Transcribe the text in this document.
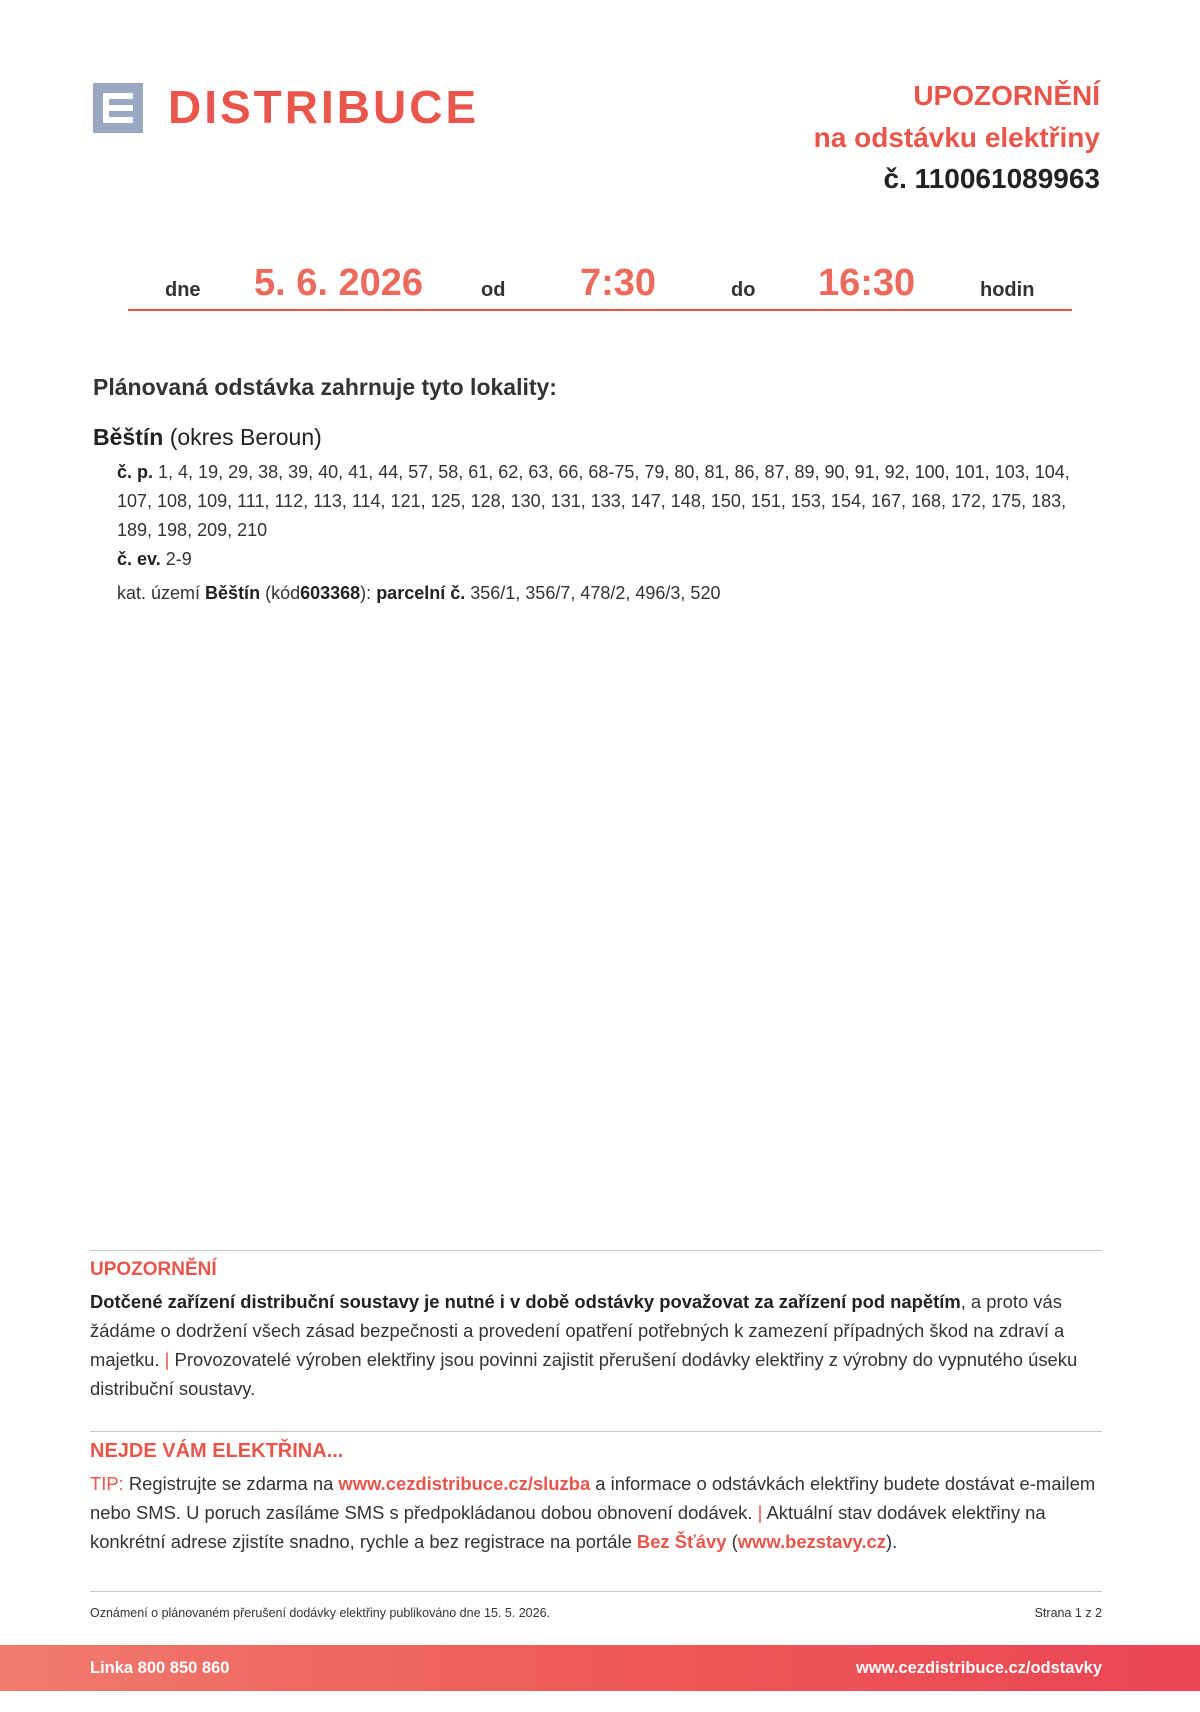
DISTRIBUCE	UPOZORNĚNÍ
na odstávku elektřiny
č. 110061089963
dne 5. 6. 2026	od 7:30	do 16:30	hodin
Plánovaná odstávka zahrnuje tyto lokality:
Běštín (okres Beroun)
č. p. 1, 4, 19, 29, 38, 39, 40, 41, 44, 57, 58, 61, 62, 63, 66, 68-75, 79, 80, 81, 86, 87, 89, 90, 91, 92, 100, 101, 103, 104, 107, 108, 109, 111, 112, 113, 114, 121, 125, 128, 130, 131, 133, 147, 148, 150, 151, 153, 154, 167, 168, 172, 175, 183, 189, 198, 209, 210
č. ev. 2-9
kat. území Běštín (kód603368): parcelní č. 356/1, 356/7, 478/2, 496/3, 520
UPOZORNĚNÍ
Dotčené zařízení distribuční soustavy je nutné i v době odstávky považovat za zařízení pod napětím, a proto vás žádáme o dodržení všech zásad bezpečnosti a provedení opatření potřebných k zamezení případných škod na zdraví a majetku. | Provozovatelé výroben elektřiny jsou povinni zajistit přerušení dodávky elektřiny z výrobny do vypnutého úseku distribuční soustavy.
NEJDE VÁM ELEKTŘINA...
TIP: Registrujte se zdarma na www.cezdistribuce.cz/sluzba a informace o odstávkách elektřiny budete dostávat e-mailem nebo SMS. U poruch zasíláme SMS s předpokládanou dobou obnovení dodávek. | Aktuální stav dodávek elektřiny na konkrétní adrese zjistíte snadno, rychle a bez registrace na portále Bez Šťávy (www.bezstavy.cz).
Oznámení o plánovaném přerušení dodávky elektřiny publikováno dne 15. 5. 2026.	Strana 1 z 2
Linka 800 850 860	www.cezdistribuce.cz/odstavky
